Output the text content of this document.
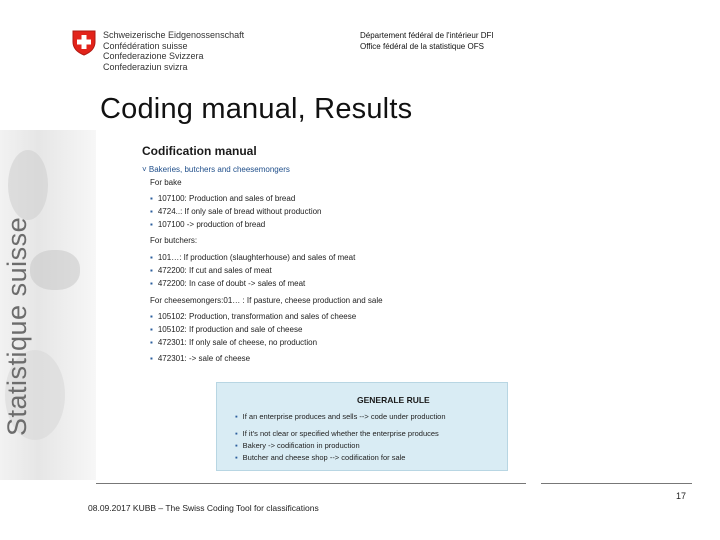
Statistique suisse
Schweizerische Eidgenossenschaft
Confédération suisse
Confederazione Svizzera
Confederaziun svizra
Département fédéral de l'intérieur DFI
Office fédéral de la statistique OFS
Coding manual, Results
Codification manual
˅ Bakeries, butchers and cheesemongers
For bake
▪ 107100: Production and sales of bread
▪ 4724..: If only sale of bread without production
▪ 107100 -> production of bread
For butchers:
▪ 101…: If production (slaughterhouse) and sales of meat
▪ 472200: If cut and sales of meat
▪ 472200: In case of doubt -> sales of meat
For cheesemongers:01… : If pasture, cheese production and sale
▪ 105102: Production, transformation and sales of cheese
▪ 105102: If production and sale of cheese
▪ 472301: If only sale of cheese, no production
▪ 472301: -> sale of cheese
GENERALE RULE
▪ If an enterprise produces and sells --> code under production
▪ If it's not clear or specified whether the enterprise produces
▪ Bakery -> codification in production
▪ Butcher and cheese shop --> codification for sale
17
08.09.2017 KUBB – The Swiss Coding Tool for classifications
